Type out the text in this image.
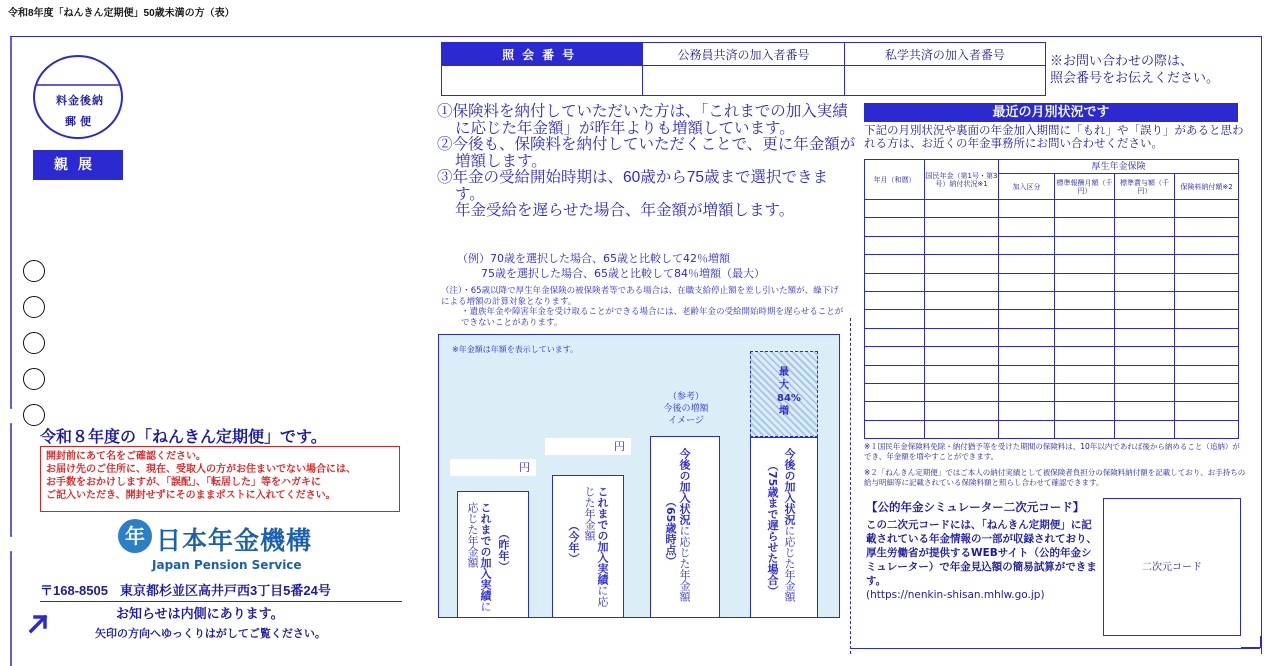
令和8年度「ねんきん定期便」50歳未満の方（表）
料金後納
郵便
親展
令和８年度の「ねんきん定期便」です。
開封前にあて名をご確認ください。
お届け先のご住所に、現在、受取人の方がお住まいでない場合には、
お手数をおかけしますが、「誤配」、「転居した」等をハガキに
ご記入いただき、開封せずにそのままポストに入れてください。
年 日本年金機構
Japan Pension Service
〒168-8505 東京都杉並区高井戸西3丁目5番24号
お知らせは内側にあります。
矢印の方向へゆっくりはがしてご覧ください。
照会番号	公務員共済の加入者番号	私学共済の加入者番号
			※お問い合わせの際は、
照会番号をお伝えください。
①保険料を納付していただいた方は、「これまでの加入実績に応じた年金額」が昨年よりも増額しています。
②今後も、保険料を納付していただくことで、更に年金額が増額します。
③年金の受給開始時期は、60歳から75歳まで選択できます。
年金受給を遅らせた場合、年金額が増額します。
（例）70歳を選択した場合、65歳と比較して42％増額
75歳を選択した場合、65歳と比較して84％増額（最大）
（注）・65歳以降で厚生年金保険の被保険者等である場合は、在職支給停止額を差し引いた額が、繰下げによる増額の計算対象となります。
・遺族年金や障害年金を受け取ることができる場合には、老齢年金の受給開始時期を遅らせることができないことがあります。
※年金額は年額を表示しています。
円
これまでの加入実績に応じた年金額	（昨年）
円
これまでの加入実績に応じた年金額
（今年）
（参考）
今後の増額
イメージ
今後の加入状況に応じた年金額
（65歳時点）
最大84%増
今後の加入状況に応じた年金額
（75歳まで遅らせた場合）
最近の月別状況です
下記の月別状況や裏面の年金加入期間に「もれ」や「誤り」があると思われる方は、お近くの年金事務所にお問い合わせください。
年月（和暦）	国民年金（第1号・第3号）納付状況※1	厚生年金保険			
		加入区分	標準報酬月額（千円）	標準賞与額（千円）	保険料納付額※2

※１国民年金保険料免除・納付猶予等を受けた期間の保険料は、10年以内であれば後から納めること（追納）ができ、年金額を増やすことができます。
※２「ねんきん定期便」ではご本人の納付実績として被保険者負担分の保険料納付額を記載しており、お手持ちの給与明細等に記載されている保険料額と照らし合わせて確認できます。
【公的年金シミュレーター二次元コード】
この二次元コードには、「ねんきん定期便」に記載されている年金情報の一部が収録されており、厚生労働省が提供するWEBサイト（公的年金シミュレーター）で年金見込額の簡易試算ができます。
(https://nenkin-shisan.mhlw.go.jp)
二次元コード
